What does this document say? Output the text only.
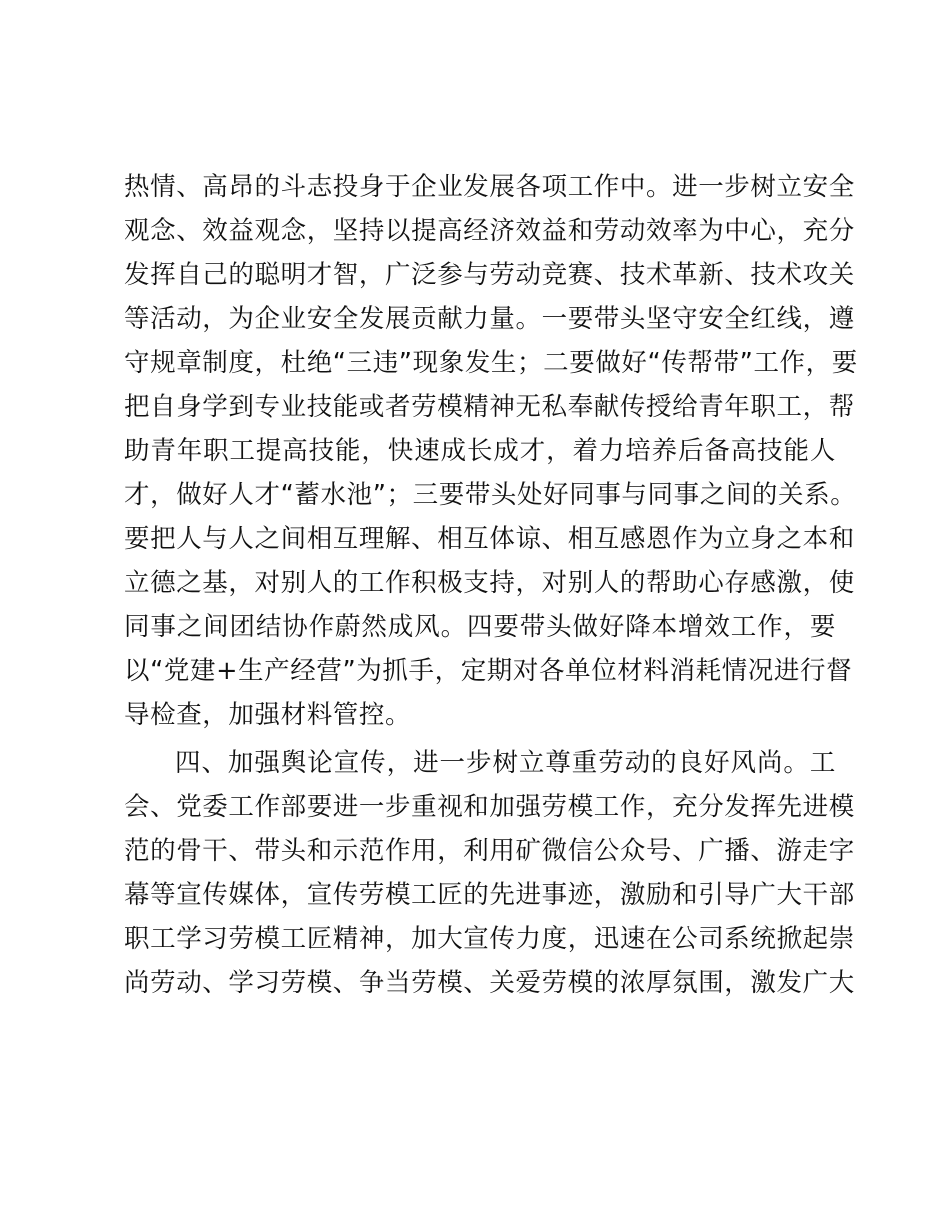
热情、高昂的斗志投身于企业发展各项工作中。进一步树立安全
观念、效益观念，坚持以提高经济效益和劳动效率为中心，充分
发挥自己的聪明才智，广泛参与劳动竞赛、技术革新、技术攻关
等活动，为企业安全发展贡献力量。一要带头坚守安全红线，遵
守规章制度，杜绝“三违”现象发生；二要做好“传帮带”工作，要
把自身学到专业技能或者劳模精神无私奉献传授给青年职工，帮
助青年职工提高技能，快速成长成才，着力培养后备高技能人
才，做好人才“蓄水池”；三要带头处好同事与同事之间的关系。
要把人与人之间相互理解、相互体谅、相互感恩作为立身之本和
立德之基，对别人的工作积极支持，对别人的帮助心存感激，使
同事之间团结协作蔚然成风。四要带头做好降本增效工作，要
以“党建+生产经营”为抓手，定期对各单位材料消耗情况进行督
导检查，加强材料管控。
四、加强舆论宣传，进一步树立尊重劳动的良好风尚。工
会、党委工作部要进一步重视和加强劳模工作，充分发挥先进模
范的骨干、带头和示范作用，利用矿微信公众号、广播、游走字
幕等宣传媒体，宣传劳模工匠的先进事迹，激励和引导广大干部
职工学习劳模工匠精神，加大宣传力度，迅速在公司系统掀起崇
尚劳动、学习劳模、争当劳模、关爱劳模的浓厚氛围，激发广大
